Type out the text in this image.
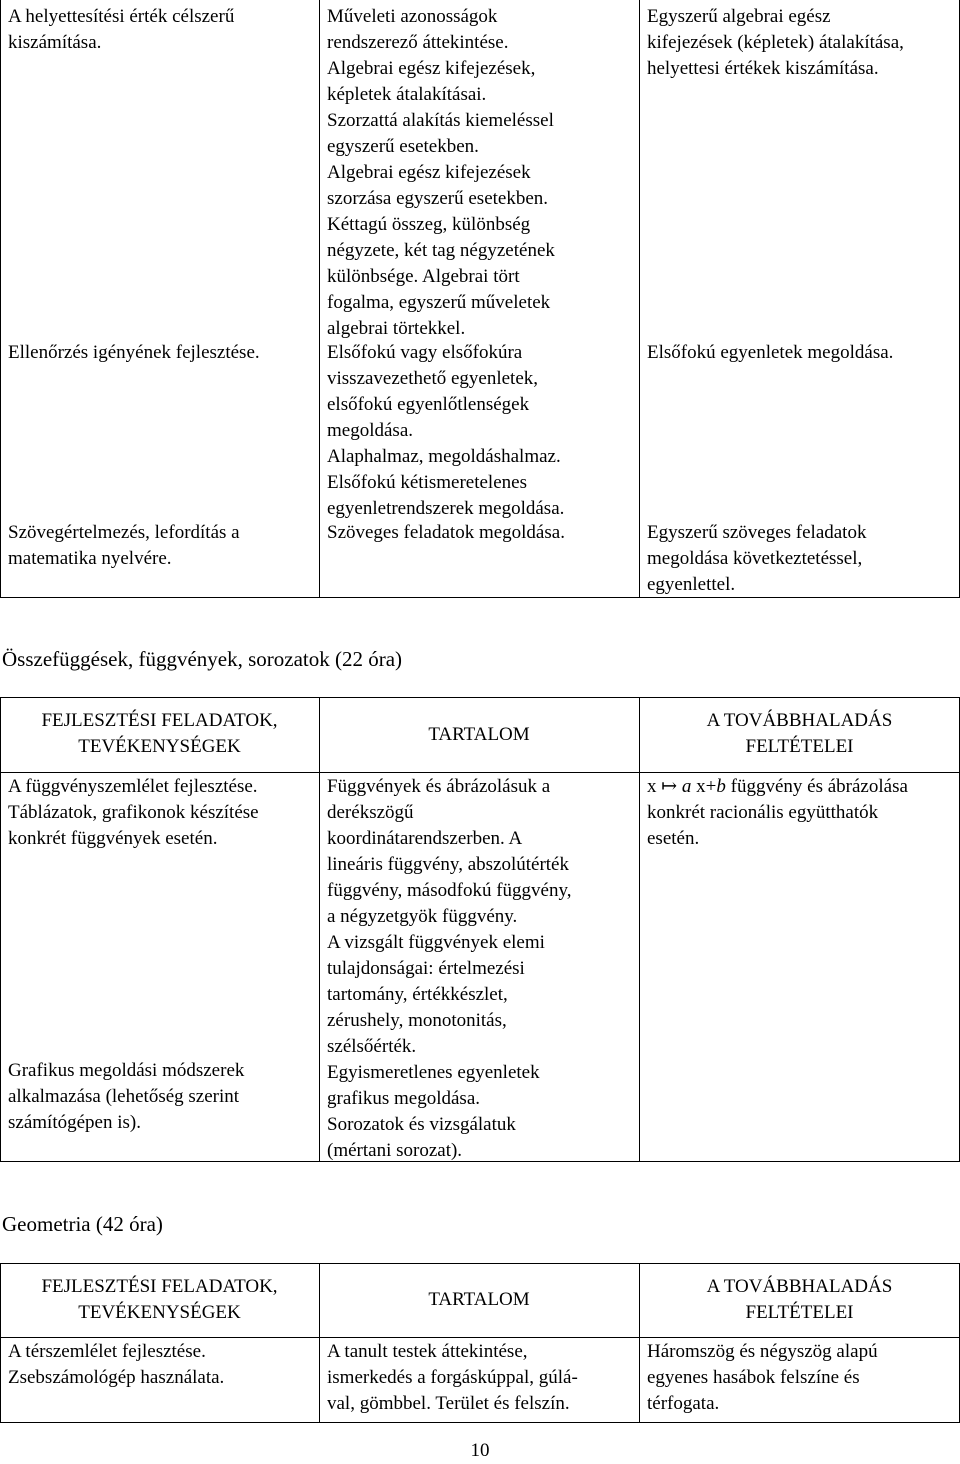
A helyettesítési érték célszerű
kiszámítása.
Műveleti azonosságok
rendszerező áttekintése.
Algebrai egész kifejezések,
képletek átalakításai.
Szorzattá alakítás kiemeléssel
egyszerű esetekben.
Algebrai egész kifejezések
szorzása egyszerű esetekben.
Kéttagú összeg, különbség
négyzete, két tag négyzetének
különbsége. Algebrai tört
fogalma, egyszerű műveletek
algebrai törtekkel.
Egyszerű algebrai egész
kifejezések (képletek) átalakítása,
helyettesi értékek kiszámítása.
Ellenőrzés igényének fejlesztése.	Elsőfokú vagy elsőfokúra
visszavezethető egyenletek,
elsőfokú egyenlőtlenségek
megoldása.
Alaphalmaz, megoldáshalmaz.
Elsőfokú kétismeretelenes
egyenletrendszerek megoldása.
Elsőfokú egyenletek megoldása.
Szövegértelmezés, lefordítás a
matematika nyelvére.
Szöveges feladatok megoldása.	Egyszerű szöveges feladatok
megoldása következtetéssel,
egyenlettel.
Összefüggések, függvények, sorozatok (22 óra)
FEJLESZTÉSI FELADATOK,
TEVÉKENYSÉGEK
TARTALOM
A TOVÁBBHALADÁS
FELTÉTELEI
A függvényszemlélet fejlesztése.
Táblázatok, grafikonok készítése
konkrét függvények esetén.
Grafikus megoldási módszerek
alkalmazása (lehetőség szerint
számítógépen is).
Függvények és ábrázolásuk a
derékszögű
koordinátarendszerben. A
lineáris függvény, abszolútérték
függvény, másodfokú függvény,
a négyzetgyök függvény.
A vizsgált függvények elemi
tulajdonságai: értelmezési
tartomány, értékkészlet,
zérushely, monotonitás,
szélsőérték.
Egyismeretlenes egyenletek
grafikus megoldása.
Sorozatok és vizsgálatuk
(mértani sorozat).
x ↦ a x+b függvény és ábrázolása
konkrét racionális együtthatók
esetén.
Geometria (42 óra)
FEJLESZTÉSI FELADATOK,
TEVÉKENYSÉGEK
TARTALOM
A TOVÁBBHALADÁS
FELTÉTELEI
A térszemlélet fejlesztése.
Zsebszámológép használata.
A tanult testek áttekintése,
ismerkedés a forgáskúppal, gúlá-
val, gömbbel. Terület és felszín.
Háromszög és négyszög alapú
egyenes hasábok felszíne és
térfogata.
10
